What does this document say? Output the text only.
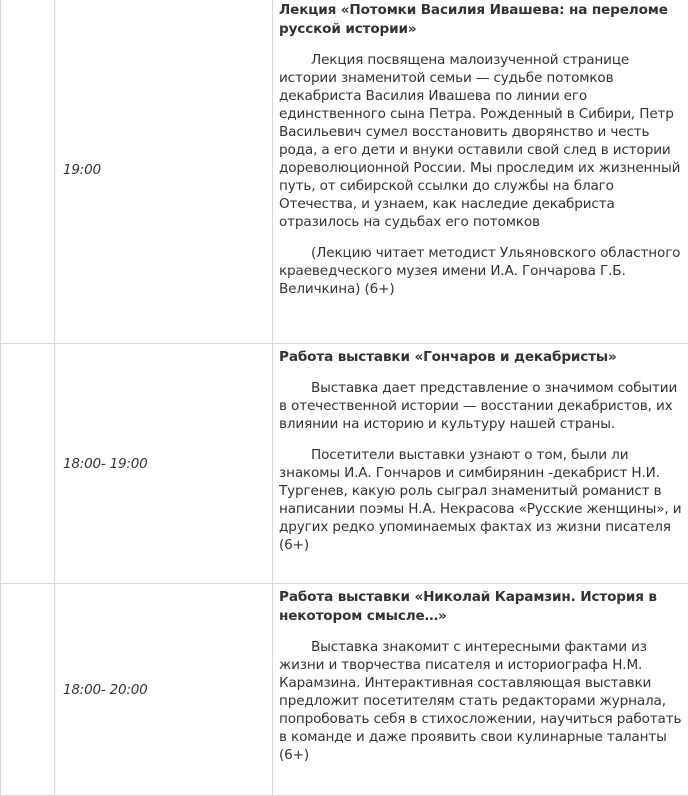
	19:00	Лекция «Потомки Василия Ивашева: на переломе русской истории»

Лекция посвящена малоизученной странице истории знаменитой семьи — судьбе потомков декабриста Василия Ивашева по линии его единственного сына Петра. Рожденный в Сибири, Петр Васильевич сумел восстановить дворянство и честь рода, а его дети и внуки оставили свой след в истории дореволюционной России. Мы проследим их жизненный путь, от сибирской ссылки до службы на благо Отечества, и узнаем, как наследие декабриста отразилось на судьбах его потомков

(Лекцию читает методист Ульяновского областного краеведческого музея имени И.А. Гончарова Г.Б. Величкина) (6+)

	18:00- 19:00	Работа выставки «Гончаров и декабристы»

Выставка дает представление о значимом событии в отечественной истории — восстании декабристов, их влиянии на историю и культуру нашей страны.

Посетители выставки узнают о том, были ли знакомы И.А. Гончаров и симбирянин -декабрист Н.И. Тургенев, какую роль сыграл знаменитый романист в написании поэмы Н.А. Некрасова «Русские женщины», и других редко упоминаемых фактах из жизни писателя (6+)

	18:00- 20:00	Работа выставки «Николай Карамзин. История в некотором смысле…»

Выставка знакомит с интересными фактами из жизни и творчества писателя и историографа Н.М. Карамзина. Интерактивная составляющая выставки предложит посетителям стать редакторами журнала, попробовать себя в стихосложении, научиться работать в команде и даже проявить свои кулинарные таланты (6+)
